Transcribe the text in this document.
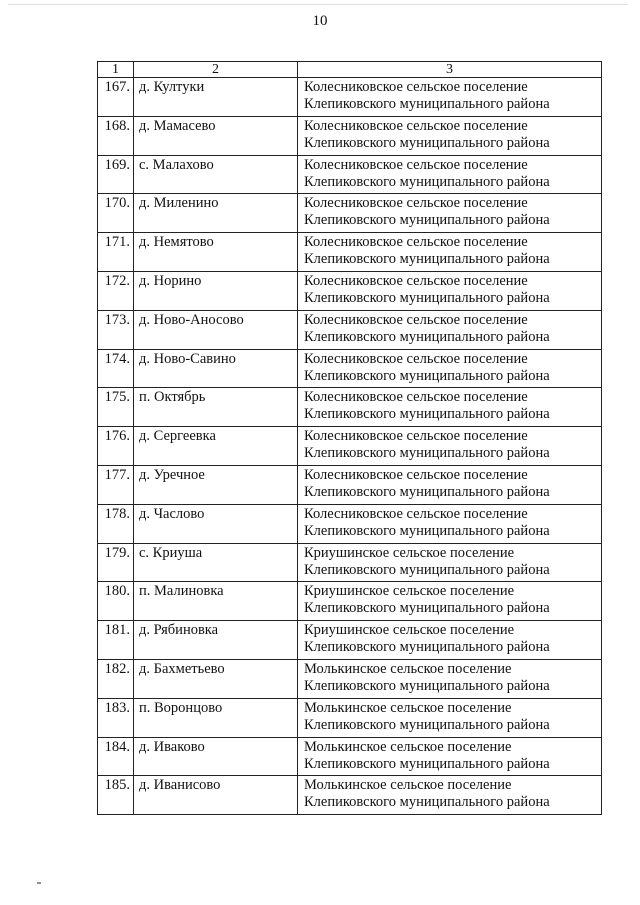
10
1	2	3
167.	д. Култуки	Колесниковское сельское поселение
Клепиковского муниципального района

168.	д. Мамасево	Колесниковское сельское поселение
Клепиковского муниципального района

169.	с. Малахово	Колесниковское сельское поселение
Клепиковского муниципального района

170.	д. Миленино	Колесниковское сельское поселение
Клепиковского муниципального района

171.	д. Немятово	Колесниковское сельское поселение
Клепиковского муниципального района

172.	д. Норино	Колесниковское сельское поселение
Клепиковского муниципального района

173.	д. Ново-Аносово	Колесниковское сельское поселение
Клепиковского муниципального района

174.	д. Ново-Савино	Колесниковское сельское поселение
Клепиковского муниципального района

175.	п. Октябрь	Колесниковское сельское поселение
Клепиковского муниципального района

176.	д. Сергеевка	Колесниковское сельское поселение
Клепиковского муниципального района

177.	д. Уречное	Колесниковское сельское поселение
Клепиковского муниципального района

178.	д. Часлово	Колесниковское сельское поселение
Клепиковского муниципального района

179.	с. Криуша	Криушинское сельское поселение
Клепиковского муниципального района

180.	п. Малиновка	Криушинское сельское поселение
Клепиковского муниципального района

181.	д. Рябиновка	Криушинское сельское поселение
Клепиковского муниципального района

182.	д. Бахметьево	Молькинское сельское поселение
Клепиковского муниципального района

183.	п. Воронцово	Молькинское сельское поселение
Клепиковского муниципального района

184.	д. Иваково	Молькинское сельское поселение
Клепиковского муниципального района

185.	д. Иванисово	Молькинское сельское поселение
Клепиковского муниципального района
